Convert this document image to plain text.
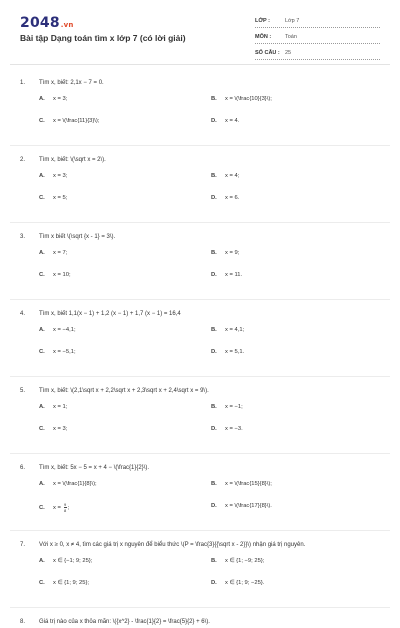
2048.vn
Bài tập Dạng toán tìm x lớp 7 (có lời giải)
LỚP :	Lớp 7
MÔN :	Toán
SỐ CÂU : 25
1. Tìm x, biết: 2,1x − 7 = 0.
A. x = 3;	B. x = \(\frac{10}{3}\);
C. x = \(\frac{11}{3}\);	D. x = 4.
2. Tìm x, biết: \(\sqrt x = 2\).
A. x = 3;	B. x = 4;
C. x = 5;	D. x = 6.
3. Tìm x biết \(\sqrt {x - 1} = 3\).
A. x = 7;	B. x = 9;
C. x = 10;	D. x = 11.
4. Tìm x, biết 1,1(x − 1) + 1,2 (x − 1) + 1,7 (x − 1) = 16,4
A. x = −4,1;	B. x = 4,1;
C. x = −5,1;	D. x = 5,1.
5. Tìm x, biết: \(2,1\sqrt x + 2,2\sqrt x + 2,3\sqrt x + 2,4\sqrt x = 9\).
A. x = 1;	B. x = −1;
C. x = 3;	D. x = −3.
6. Tìm x, biết: 5x − 5 = x + 4 − \(\frac{1}{2}\).
A. x = \(\frac{1}{8}\);	B. x = \(\frac{15}{8}\);
C. $x = \frac{9}{8}$ ;	D. x = \(\frac{17}{8}\).
7. Với x ≥ 0, x ≠ 4, tìm các giá trị x nguyên để biểu thức \(P = \frac{3}{{\sqrt x - 2}}\) nhận giá trị nguyên.
A. x ∈ {−1; 9; 25};	B. x ∈ {1; −9; 25};
C. x ∈ {1; 9; 25};	D. x ∈ {1; 9; −25}.
8. Giá trị nào của x thỏa mãn: \({x^2} - \frac{1}{2} = \frac{5}{2} + 6\).
